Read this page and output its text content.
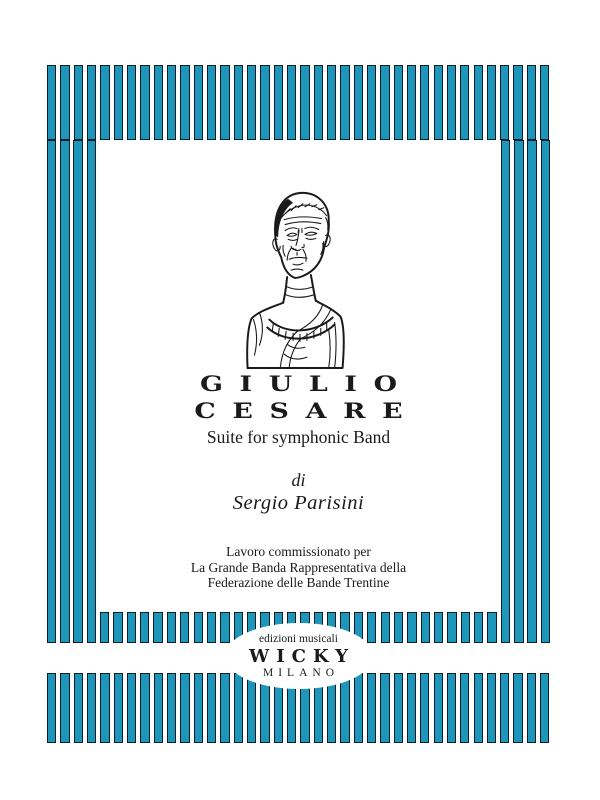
GIULIO
CESARE
Suite for symphonic Band
di
Sergio Parisini
Lavoro commissionato per
La Grande Banda Rappresentativa della
Federazione delle Bande Trentine
edizioni musicali
WICKY
MILANO
